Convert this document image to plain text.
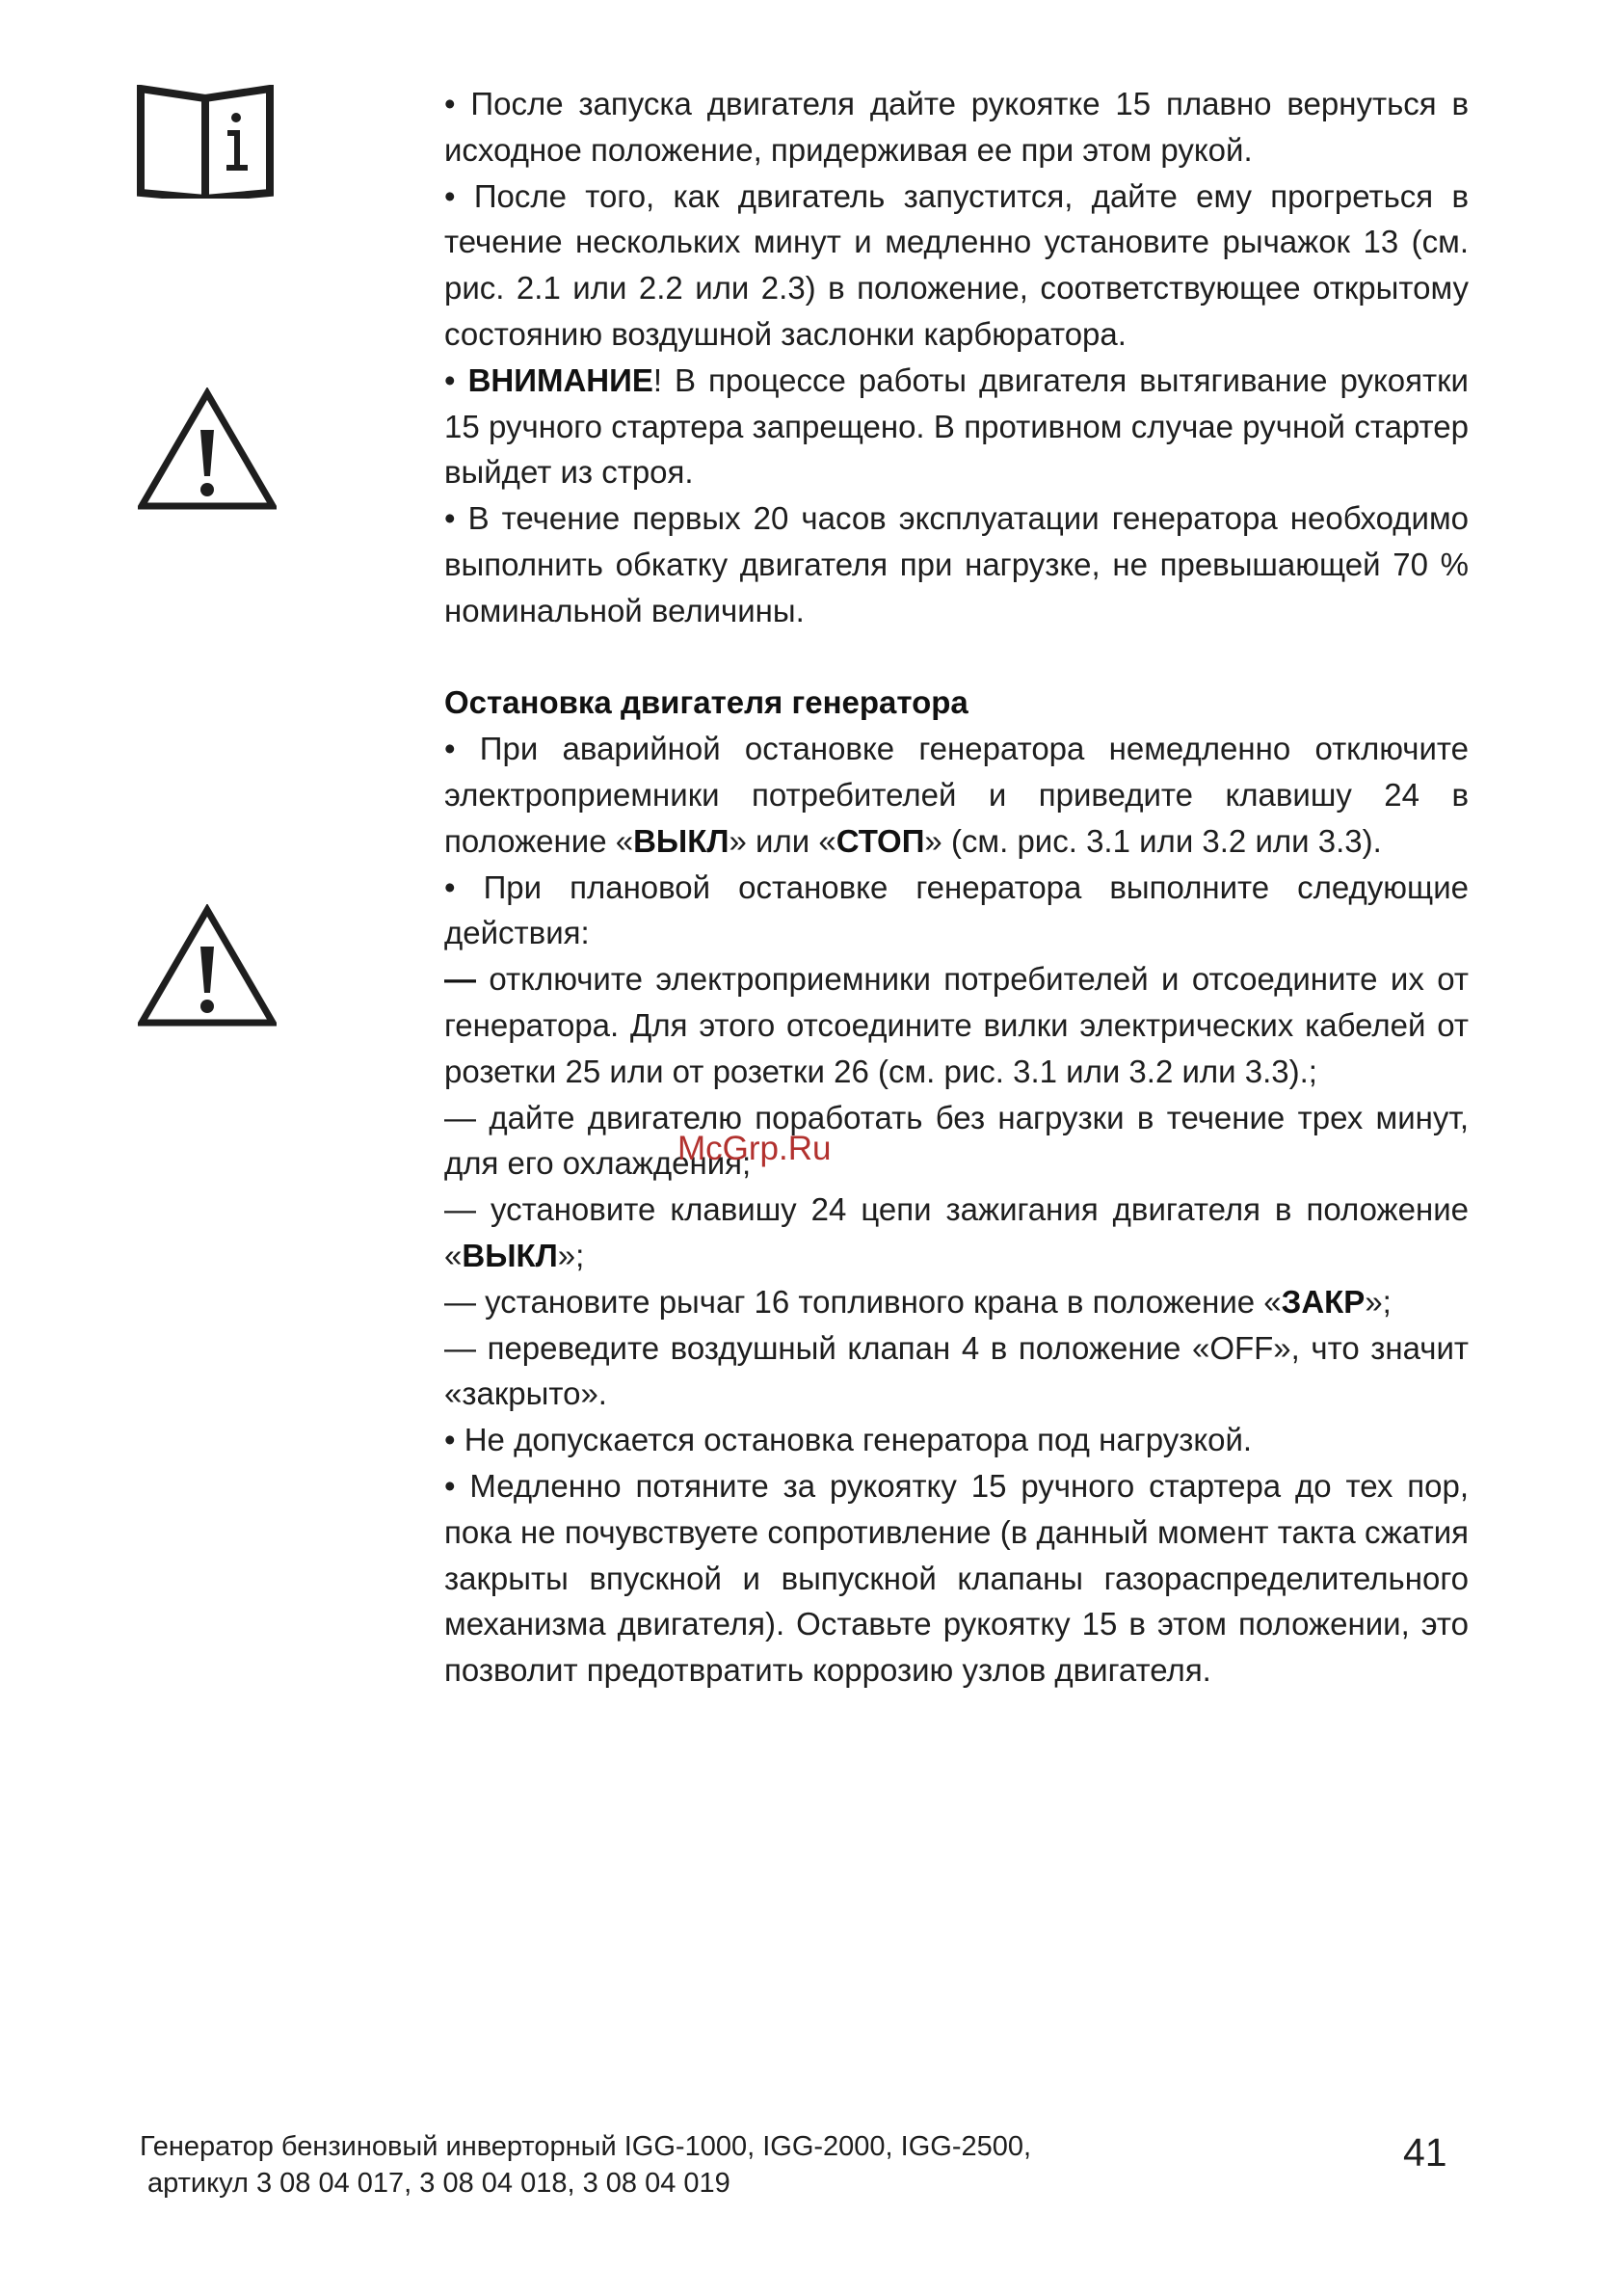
• После запуска двигателя дайте рукоятке 15 плавно вернуться в исходное положение, придерживая ее при этом рукой.

• После того, как двигатель запустится, дайте ему прогреться в течение нескольких минут и медленно установите рычажок 13 (см. рис. 2.1 или 2.2 или 2.3) в положение, соответствующее открытому состоянию воздушной заслонки карбюратора.

• ВНИМАНИЕ! В процессе работы двигателя вытягивание рукоятки 15 ручного стартера запрещено. В противном случае ручной стартер выйдет из строя.

• В течение первых 20 часов эксплуатации генератора необходимо выполнить обкатку двигателя при нагрузке, не превышающей 70 % номинальной величины.

Остановка двигателя генератора

• При аварийной остановке генератора немедленно отключите электроприемники потребителей и приведите клавишу 24 в положение «ВЫКЛ» или «СТОП» (см. рис. 3.1 или 3.2 или 3.3).

• При плановой остановке генератора выполните следующие действия:

— отключите электроприемники потребителей и отсоедините их от генератора. Для этого отсоедините вилки электрических кабелей от розетки 25 или от розетки 26 (см. рис. 3.1 или 3.2 или 3.3).;

— дайте двигателю поработать без нагрузки в течение трех минут, для его охлаждения;

— установите клавишу 24 цепи зажигания двигателя в положение «ВЫКЛ»;

— установите рычаг 16 топливного крана в положение «ЗАКР»;

— переведите воздушный клапан 4 в положение «OFF», что значит «закрыто».

• Не допускается остановка генератора под нагрузкой.

• Медленно потяните за рукоятку 15 ручного стартера до тех пор, пока не почувствуете сопротивление (в данный момент такта сжатия закрыты впускной и выпускной клапаны газораспределительного механизма двигателя). Оставьте рукоятку 15 в этом положении, это позволит предотвратить коррозию узлов двигателя.

McGrp.Ru
Генератор бензиновый инверторный IGG-1000, IGG-2000, IGG-2500,
артикул 3 08 04 017, 3 08 04 018, 3 08 04 019
41
